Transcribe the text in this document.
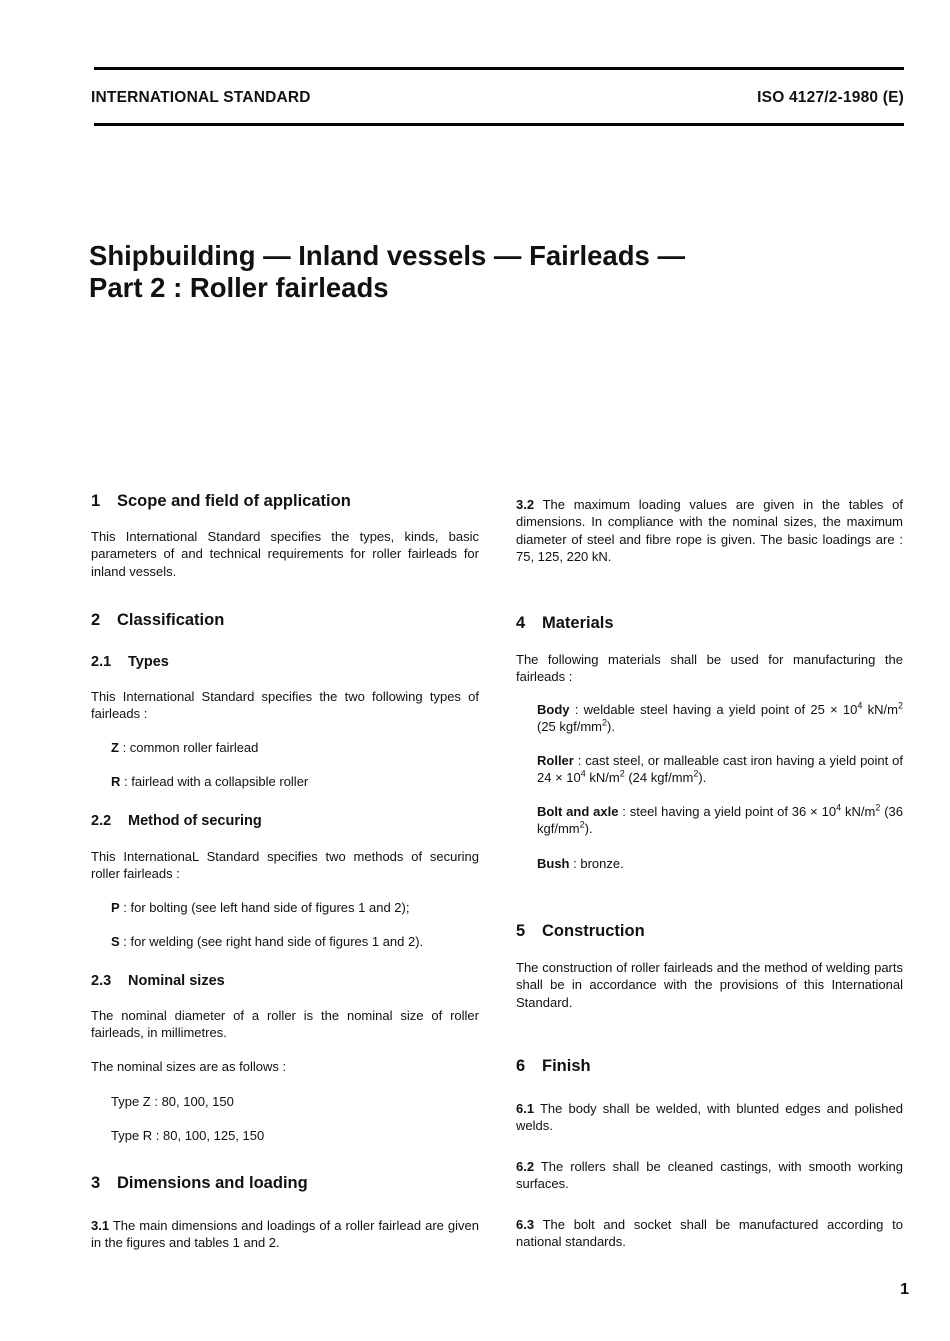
INTERNATIONAL STANDARD	ISO 4127/2-1980 (E)
Shipbuilding — Inland vessels — Fairleads —
Part 2 : Roller fairleads
1 Scope and field of application

This International Standard specifies the types, kinds, basic parameters of and technical requirements for roller fairleads for inland vessels.

2 Classification
2.1 Types

This International Standard specifies the two following types of fairleads :

Z : common roller fairlead
R : fairlead with a collapsible roller
2.2 Method of securing

This InternationaL Standard specifies two methods of securing roller fairleads :

P : for bolting (see left hand side of figures 1 and 2);
S : for welding (see right hand side of figures 1 and 2).
2.3 Nominal sizes

The nominal diameter of a roller is the nominal size of roller fairleads, in millimetres.

The nominal sizes are as follows :

Type Z : 80, 100, 150
Type R : 80, 100, 125, 150
3 Dimensions and loading

3.1 The main dimensions and loadings of a roller fairlead are given in the figures and tables 1 and 2.

3.2 The maximum loading values are given in the tables of dimensions. In compliance with the nominal sizes, the maximum diameter of steel and fibre rope is given. The basic loadings are : 75, 125, 220 kN.

4 Materials

The following materials shall be used for manufacturing the fairleads :

Body : weldable steel having a yield point of $25 \times 10^4$ $kN/m^2$ (25 kgf/$mm^2$).

Roller : cast steel, or malleable cast iron having a yield point of $24 \times 10^4$ $kN/m^2$ (24 kgf/$mm^2$).

Bolt and axle : steel having a yield point of $36 \times 10^4$ $kN/m^2$ (36 kgf/$mm^2$).

Bush : bronze.

5 Construction

The construction of roller fairleads and the method of welding parts shall be in accordance with the provisions of this International Standard.

6 Finish

6.1 The body shall be welded, with blunted edges and polished welds.

6.2 The rollers shall be cleaned castings, with smooth working surfaces.

6.3 The bolt and socket shall be manufactured according to national standards.

1
